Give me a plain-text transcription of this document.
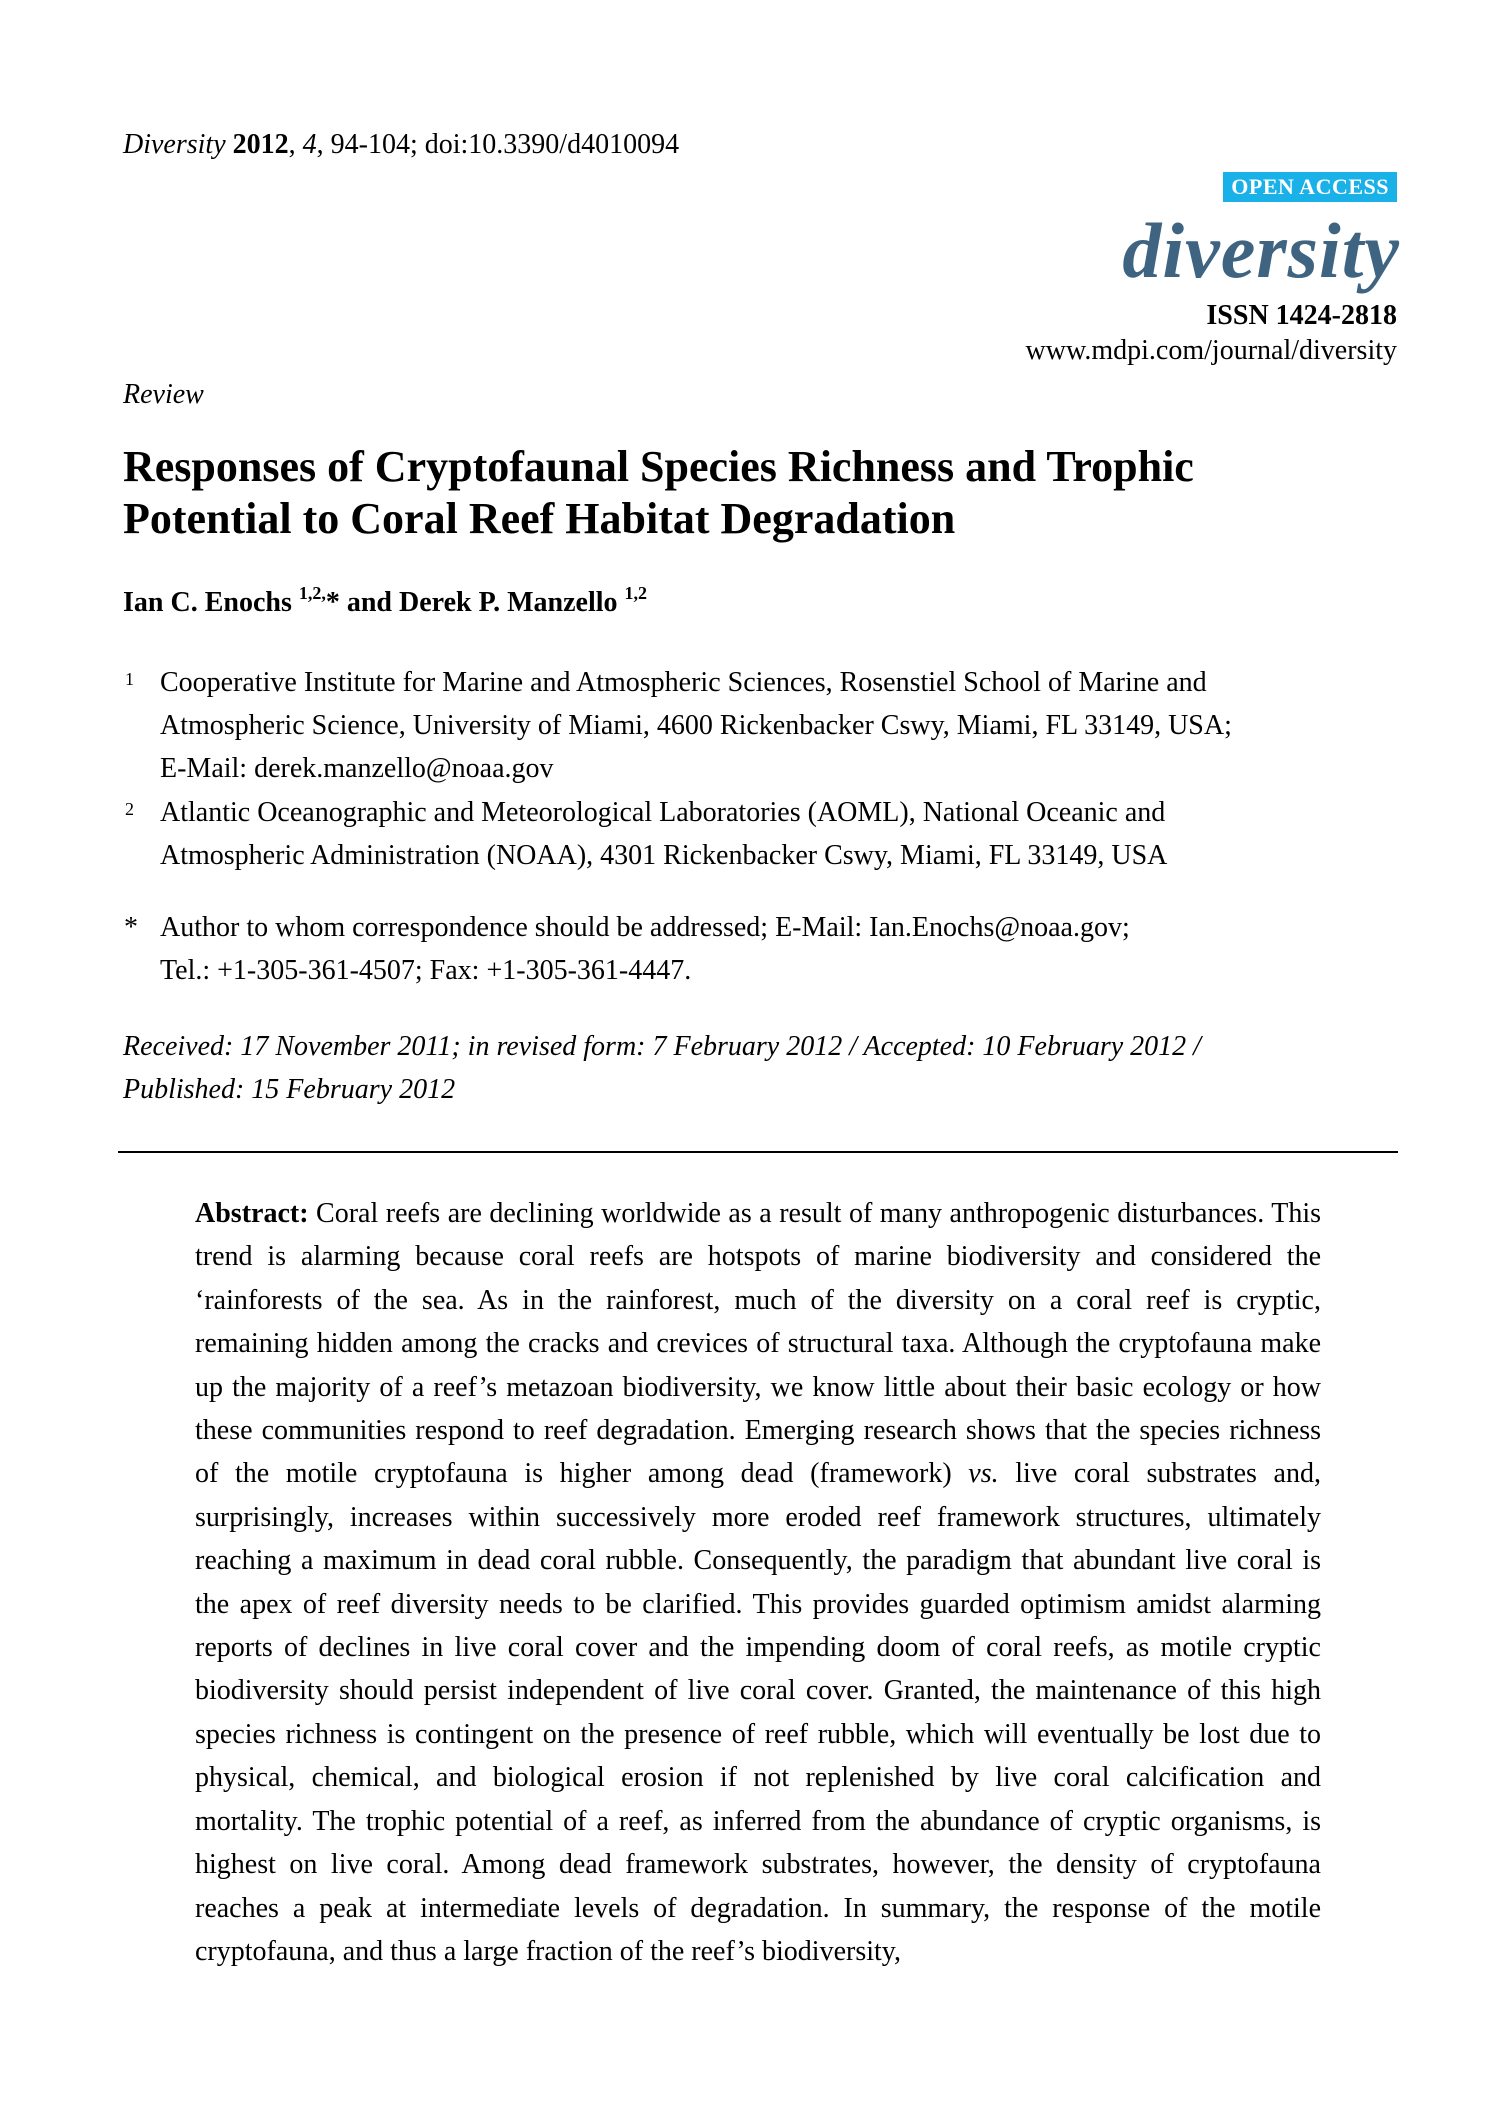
Diversity 2012, 4, 94-104; doi:10.3390/d4010094
OPEN ACCESS
diversity
ISSN 1424-2818
www.mdpi.com/journal/diversity
Review
Responses of Cryptofaunal Species Richness and Trophic Potential to Coral Reef Habitat Degradation
Ian C. Enochs $^{1,2,}$* and Derek P. Manzello $^{1,2}$
1 Cooperative Institute for Marine and Atmospheric Sciences, Rosenstiel School of Marine and
Atmospheric Science, University of Miami, 4600 Rickenbacker Cswy, Miami, FL 33149, USA;
E-Mail: derek.manzello@noaa.gov
2 Atlantic Oceanographic and Meteorological Laboratories (AOML), National Oceanic and
Atmospheric Administration (NOAA), 4301 Rickenbacker Cswy, Miami, FL 33149, USA
* Author to whom correspondence should be addressed; E-Mail: Ian.Enochs@noaa.gov;
Tel.: +1-305-361-4507; Fax: +1-305-361-4447.
Received: 17 November 2011; in revised form: 7 February 2012 / Accepted: 10 February 2012 /
Published: 15 February 2012
Abstract: Coral reefs are declining worldwide as a result of many anthropogenic disturbances. This trend is alarming because coral reefs are hotspots of marine biodiversity and considered the ‘rainforests of the sea. As in the rainforest, much of the diversity on a coral reef is cryptic, remaining hidden among the cracks and crevices of structural taxa. Although the cryptofauna make up the majority of a reef’s metazoan biodiversity, we know little about their basic ecology or how these communities respond to reef degradation. Emerging research shows that the species richness of the motile cryptofauna is higher among dead (framework) vs. live coral substrates and, surprisingly, increases within successively more eroded reef framework structures, ultimately reaching a maximum in dead coral rubble. Consequently, the paradigm that abundant live coral is the apex of reef diversity needs to be clarified. This provides guarded optimism amidst alarming reports of declines in live coral cover and the impending doom of coral reefs, as motile cryptic biodiversity should persist independent of live coral cover. Granted, the maintenance of this high species richness is contingent on the presence of reef rubble, which will eventually be lost due to physical, chemical, and biological erosion if not replenished by live coral calcification and mortality. The trophic potential of a reef, as inferred from the abundance of cryptic organisms, is highest on live coral. Among dead framework substrates, however, the density of cryptofauna reaches a peak at intermediate levels of degradation. In summary, the response of the motile cryptofauna, and thus a large fraction of the reef’s biodiversity,
